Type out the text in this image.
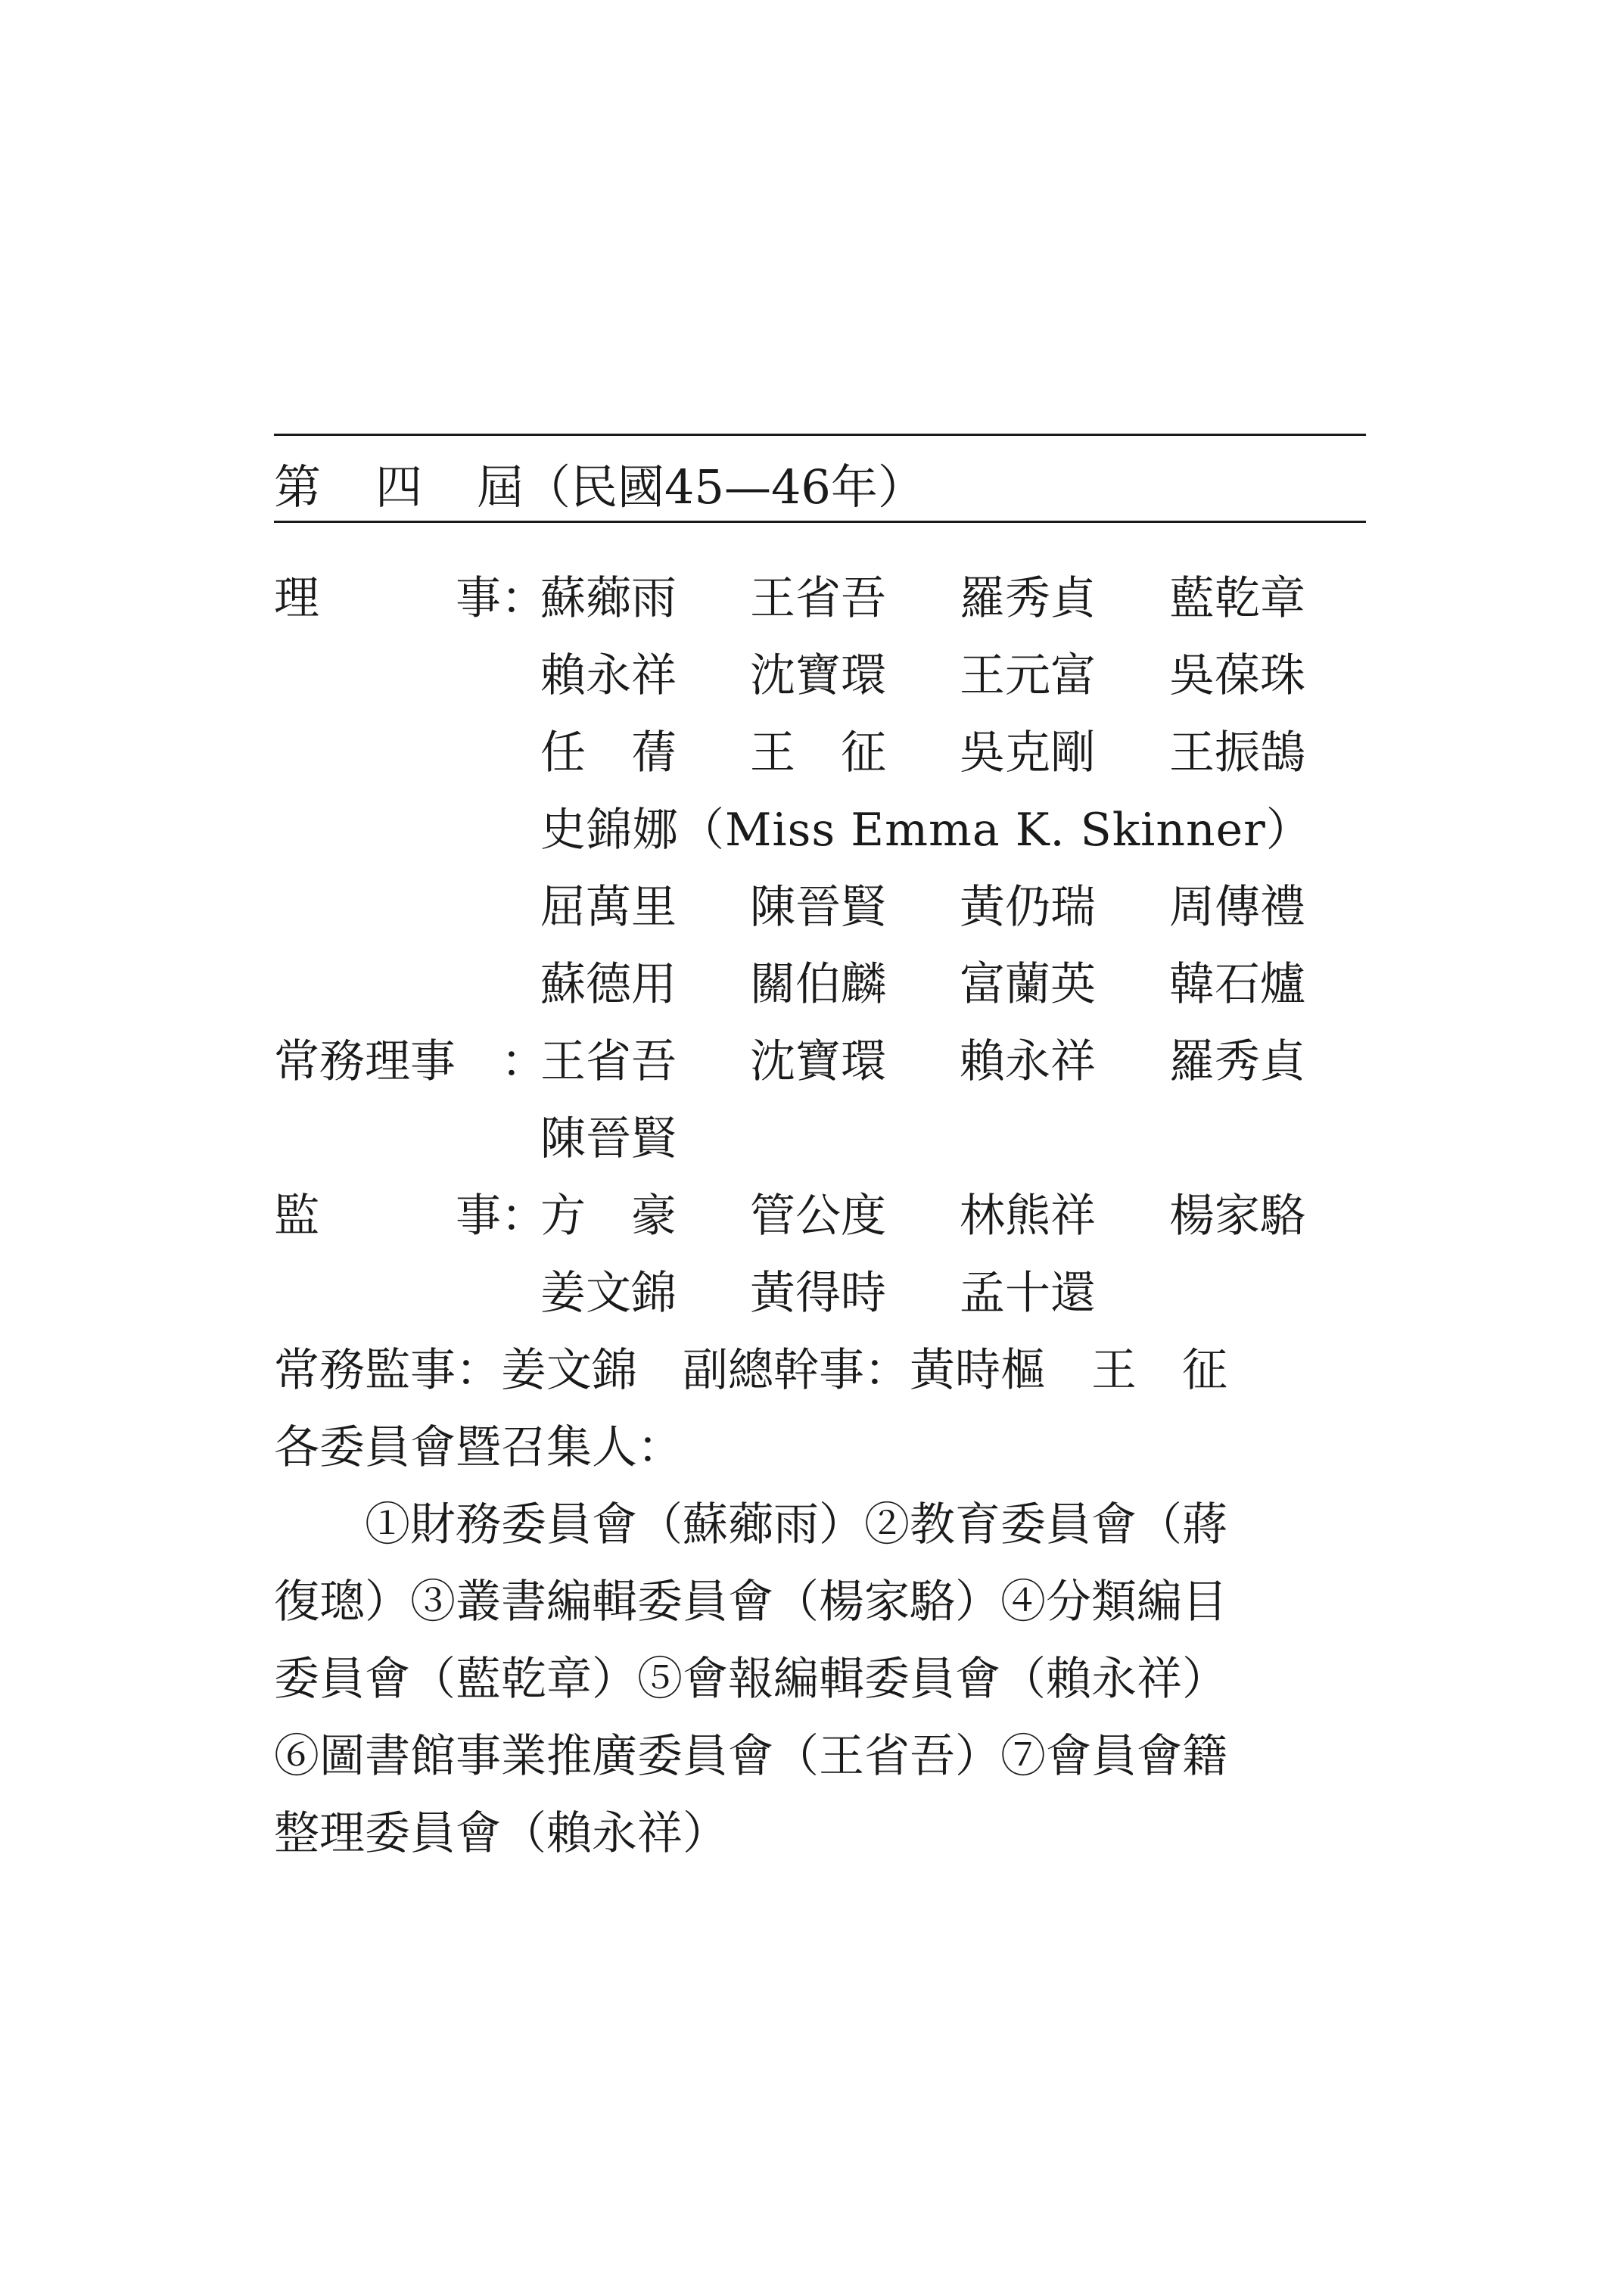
第 四 屆 （民國45—46年）
理	事 ：
蘇薌雨 王省吾 羅秀貞 藍乾章
賴永祥 沈寶環 王元富 吳葆珠
任　蒨 王　征 吳克剛 王振鵠
史錦娜（Miss Emma K. Skinner）
屈萬里 陳晉賢 黃仍瑞 周傳禮
蘇德用 關伯麟 富蘭英 韓石爐
常務理事	：
王省吾 沈寶環 賴永祥 羅秀貞
陳晉賢
監	事 ：
方　豪 管公度 林熊祥 楊家駱
姜文錦 黃得時 孟十還
常務監事：姜文錦　副總幹事：黃時樞　王　征
各委員會暨召集人：
①財務委員會（蘇薌雨）②教育委員會（蔣
復璁）③叢書編輯委員會（楊家駱）④分類編目
委員會（藍乾章）⑤會報編輯委員會（賴永祥）
⑥圖書館事業推廣委員會（王省吾）⑦會員會籍
整理委員會（賴永祥）
